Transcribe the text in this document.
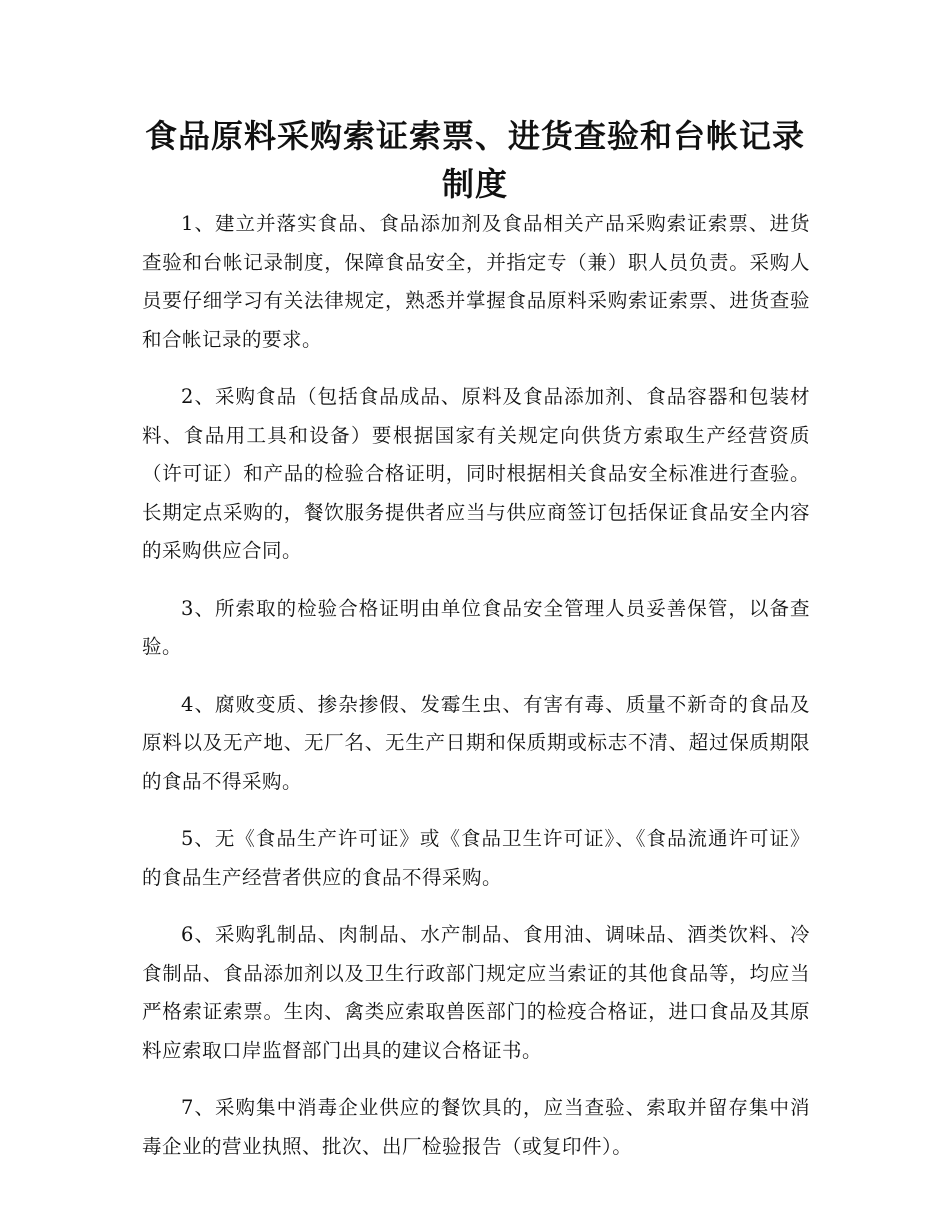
食品原料采购索证索票、进货查验和台帐记录制度

1、建立并落实食品、食品添加剂及食品相关产品采购索证索票、进货查验和台帐记录制度，保障食品安全，并指定专（兼）职人员负责。采购人员要仔细学习有关法律规定，熟悉并掌握食品原料采购索证索票、进货查验和合帐记录的要求。

2、采购食品（包括食品成品、原料及食品添加剂、食品容器和包装材料、食品用工具和设备）要根据国家有关规定向供货方索取生产经营资质（许可证）和产品的检验合格证明，同时根据相关食品安全标准进行查验。长期定点采购的，餐饮服务提供者应当与供应商签订包括保证食品安全内容的采购供应合同。

3、所索取的检验合格证明由单位食品安全管理人员妥善保管，以备查验。

4、腐败变质、掺杂掺假、发霉生虫、有害有毒、质量不新奇的食品及原料以及无产地、无厂名、无生产日期和保质期或标志不清、超过保质期限的食品不得采购。

5、无《食品生产许可证》或《食品卫生许可证》、《食品流通许可证》的食品生产经营者供应的食品不得采购。

6、采购乳制品、肉制品、水产制品、食用油、调味品、酒类饮料、冷食制品、食品添加剂以及卫生行政部门规定应当索证的其他食品等，均应当严格索证索票。生肉、禽类应索取兽医部门的检疫合格证，进口食品及其原料应索取口岸监督部门出具的建议合格证书。

7、采购集中消毒企业供应的餐饮具的，应当查验、索取并留存集中消毒企业的营业执照、批次、出厂检验报告（或复印件）。
